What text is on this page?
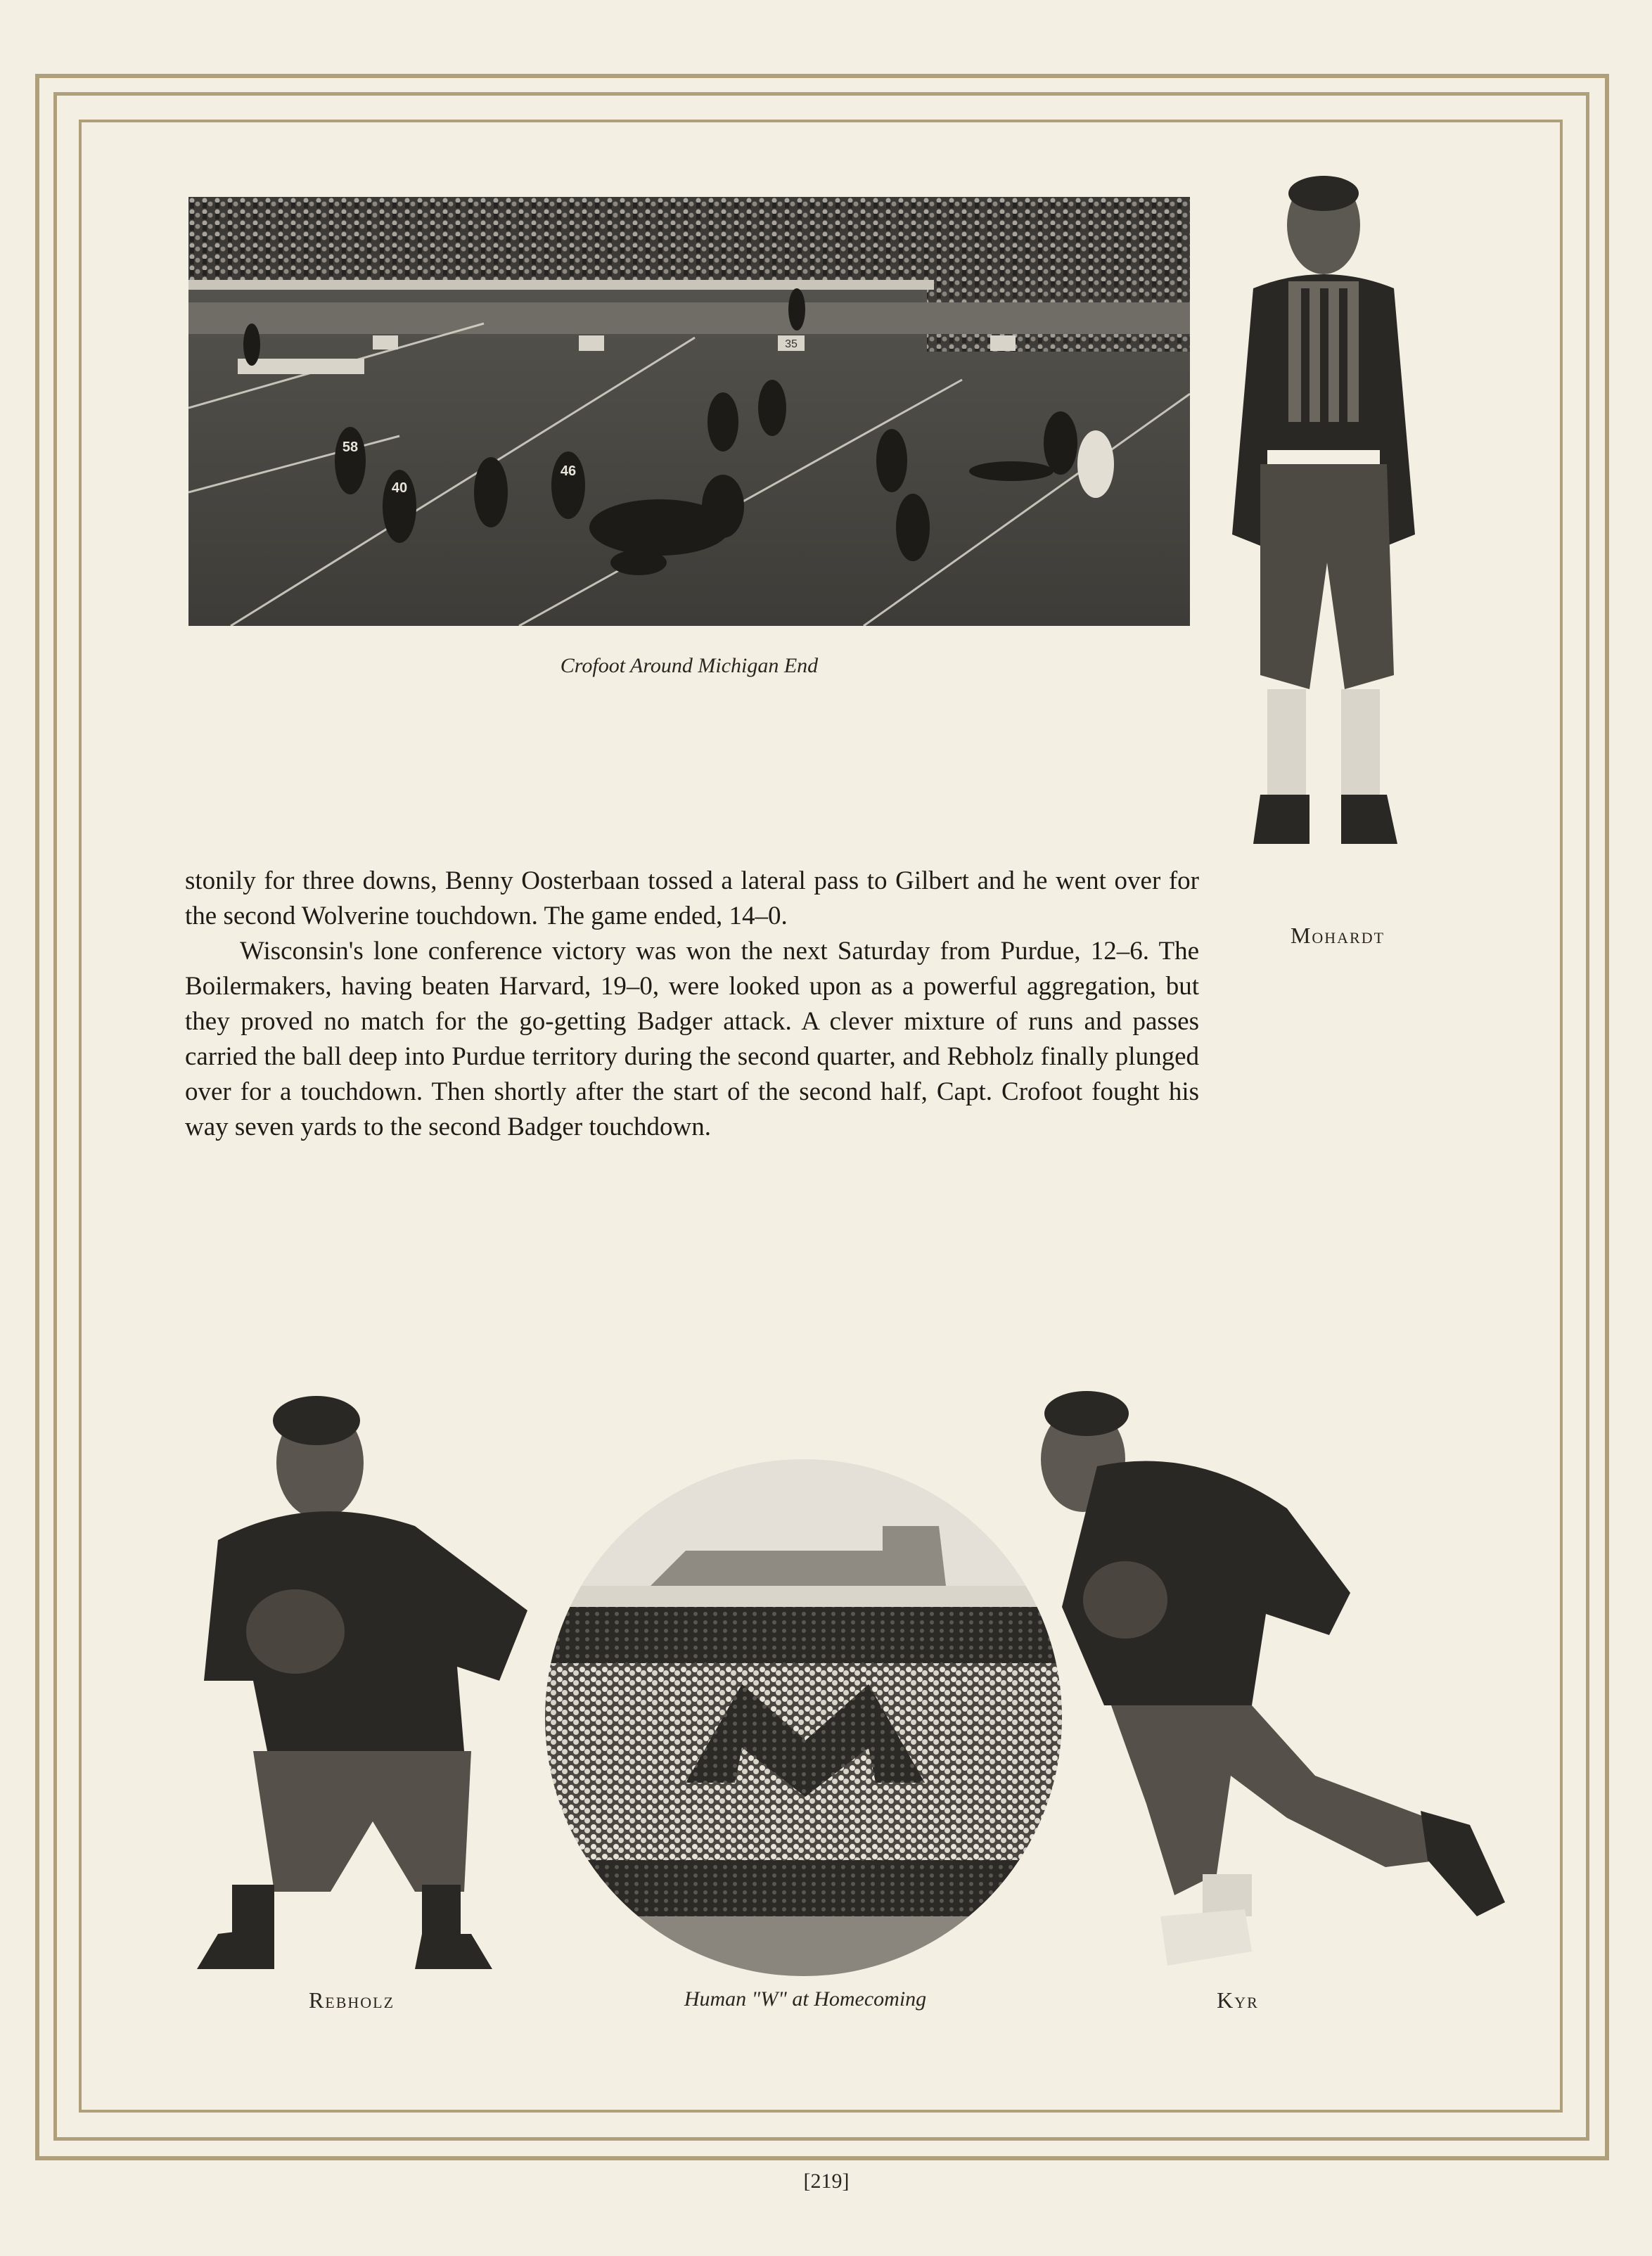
35
58
40
46
Crofoot Around Michigan End
Mohardt

stonily for three downs, Benny Oosterbaan tossed a lateral pass to Gilbert and he went over for the second Wolverine touchdown. The game ended, 14–0.

Wisconsin's lone conference victory was won the next Saturday from Purdue, 12–6. The Boilermakers, having beaten Harvard, 19–0, were looked upon as a powerful aggregation, but they proved no match for the go-getting Badger attack. A clever mixture of runs and passes carried the ball deep into Purdue territory during the second quarter, and Rebholz finally plunged over for a touchdown. Then shortly after the start of the second half, Capt. Crofoot fought his way seven yards to the second Badger touchdown.

Rebholz	Human "W" at Homecoming	Kyr
[219]
